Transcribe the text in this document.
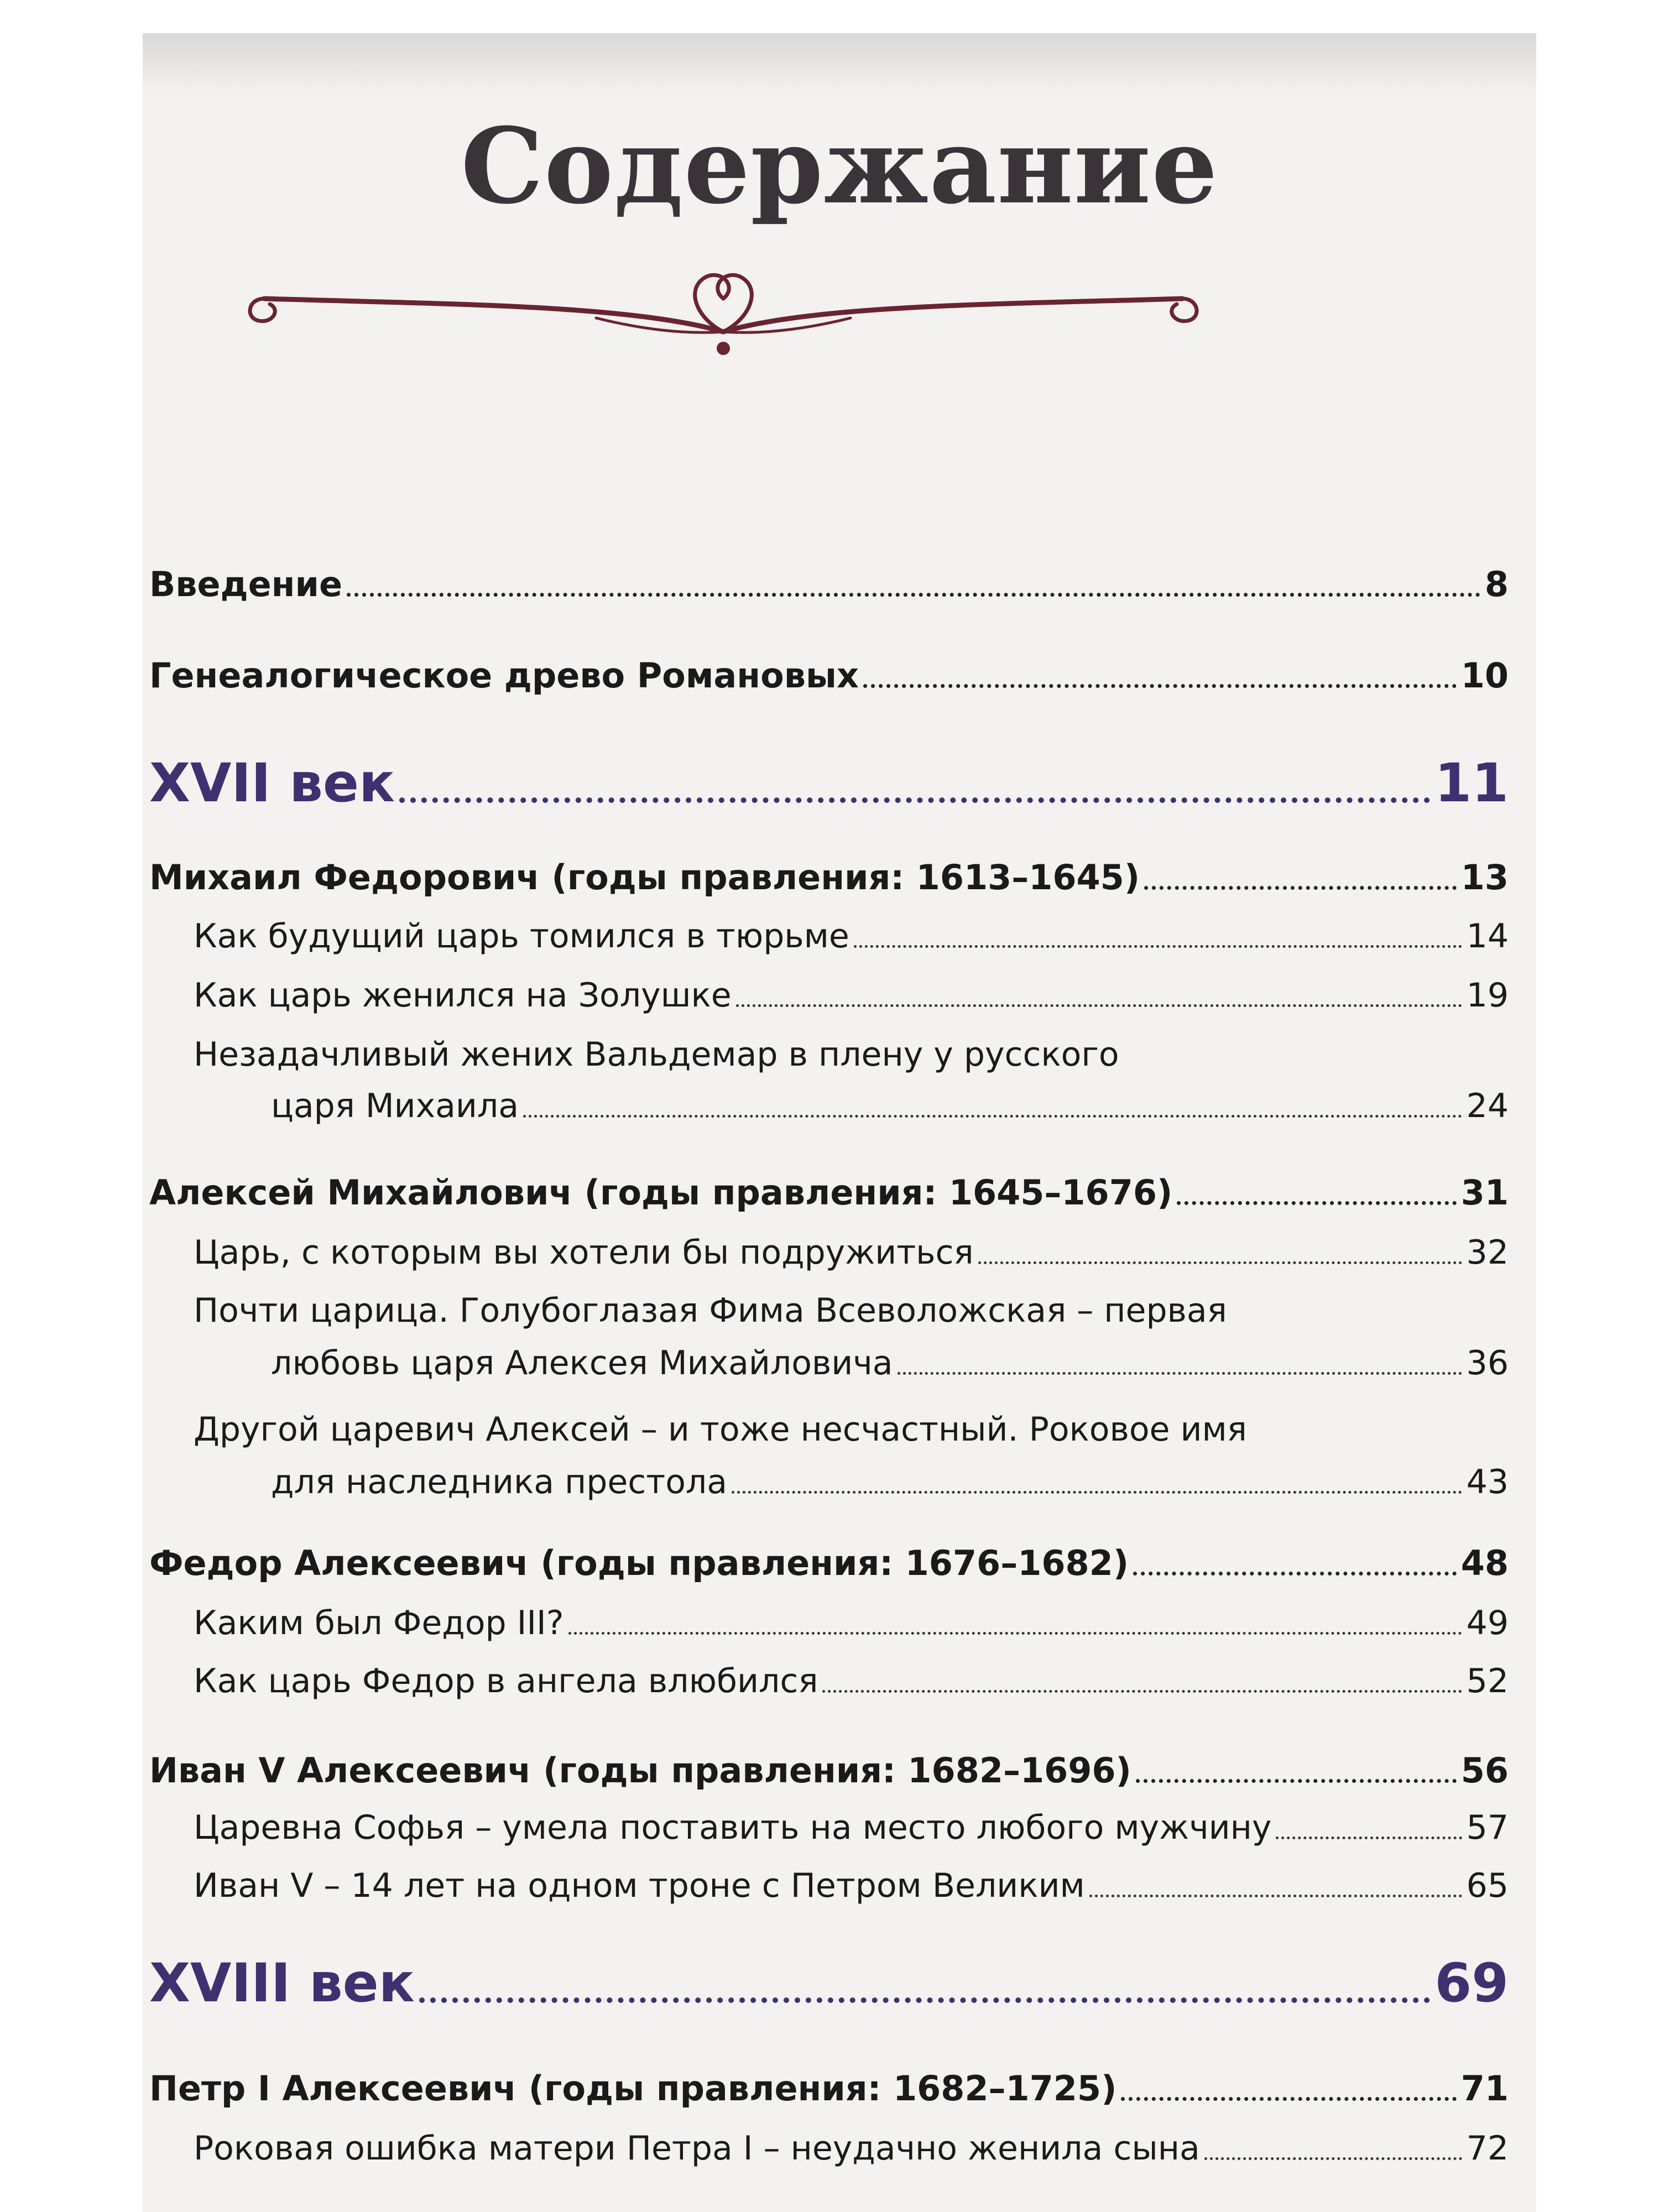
Содержание
Введение	8
Генеалогическое древо Романовых	10
XVII век	11
Михаил Федорович (годы правления: 1613–1645)	13
Как будущий царь томился в тюрьме	14
Как царь женился на Золушке	19
Незадачливый жених Вальдемар в плену у русского
царя Михаила	24
Алексей Михайлович (годы правления: 1645–1676)	31
Царь, с которым вы хотели бы подружиться	32
Почти царица. Голубоглазая Фима Всеволожская – первая
любовь царя Алексея Михайловича	36
Другой царевич Алексей – и тоже несчастный. Роковое имя
для наследника престола	43
Федор Алексеевич (годы правления: 1676–1682)	48
Каким был Федор III?	49
Как царь Федор в ангела влюбился	52
Иван V Алексеевич (годы правления: 1682–1696)	56
Царевна Софья – умела поставить на место любого мужчину	57
Иван V – 14 лет на одном троне с Петром Великим	65
XVIII век	69
Петр I Алексеевич (годы правления: 1682–1725)	71
Роковая ошибка матери Петра I – неудачно женила сына	72
